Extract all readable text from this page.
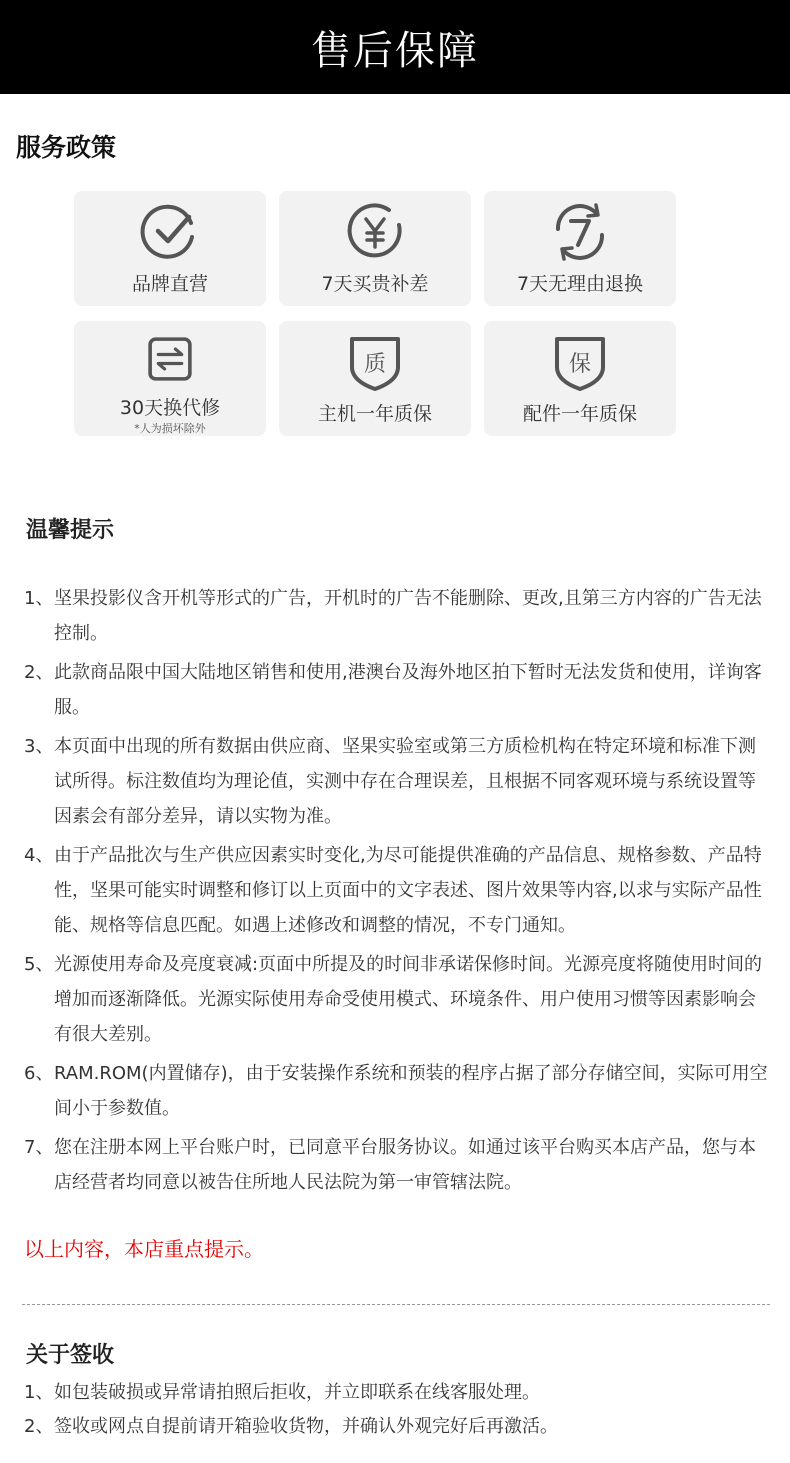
售后保障
服务政策
品牌直营	7天买贵补差	7天无理由退换
30天换代修
*人为损坏除外
质
主机一年质保
保
配件一年质保
温馨提示
1、 坚果投影仪含开机等形式的广告，开机时的广告不能删除、更改,且第三方内容的广告无法控制。
2、 此款商品限中国大陆地区销售和使用,港澳台及海外地区拍下暂时无法发货和使用，详询客服。
3、 本页面中出现的所有数据由供应商、坚果实验室或第三方质检机构在特定环境和标准下测试所得。标注数值均为理论值，实测中存在合理误差，且根据不同客观环境与系统设置等因素会有部分差异，请以实物为准。
4、 由于产品批次与生产供应因素实时变化,为尽可能提供准确的产品信息、规格参数、产品特性，坚果可能实时调整和修订以上页面中的文字表述、图片效果等内容,以求与实际产品性能、规格等信息匹配。如遇上述修改和调整的情况，不专门通知。
5、 光源使用寿命及亮度衰减:页面中所提及的时间非承诺保修时间。光源亮度将随使用时间的增加而逐渐降低。光源实际使用寿命受使用模式、环境条件、用户使用习惯等因素影响会有很大差别。
6、 RAM.ROM(内置储存)，由于安装操作系统和预装的程序占据了部分存储空间，实际可用空间小于参数值。
7、 您在注册本网上平台账户时，已同意平台服务协议。如通过该平台购买本店产品，您与本店经营者均同意以被告住所地人民法院为第一审管辖法院。

以上内容，本店重点提示。

关于签收
1、 如包装破损或异常请拍照后拒收，并立即联系在线客服处理。
2、 签收或网点自提前请开箱验收货物，并确认外观完好后再激活。
